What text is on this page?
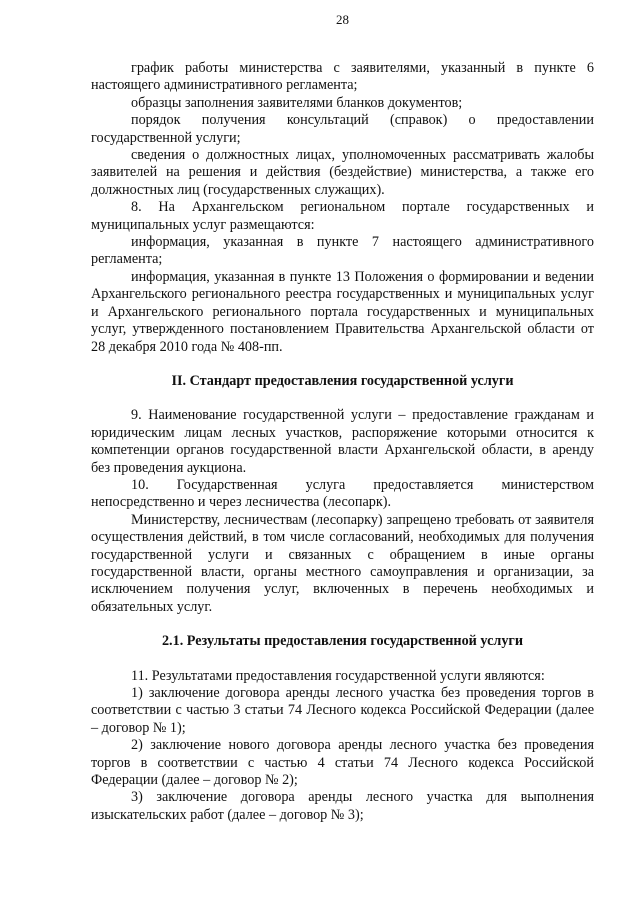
28

график работы министерства с заявителями, указанный в пункте 6 настоящего административного регламента;

образцы заполнения заявителями бланков документов;

порядок получения консультаций (справок) о предоставлении государственной услуги;

сведения о должностных лицах, уполномоченных рассматривать жалобы заявителей на решения и действия (бездействие) министерства, а также его должностных лиц (государственных служащих).

8. На Архангельском региональном портале государственных и муниципальных услуг размещаются:

информация, указанная в пункте 7 настоящего административного регламента;

информация, указанная в пункте 13 Положения о формировании и ведении Архангельского регионального реестра государственных и муниципальных услуг и Архангельского регионального портала государственных и муниципальных услуг, утвержденного постановлением Правительства Архангельской области от 28 декабря 2010 года № 408-пп.

II. Стандарт предоставления государственной услуги

9. Наименование государственной услуги – предоставление гражданам и юридическим лицам лесных участков, распоряжение которыми относится к компетенции органов государственной власти Архангельской области, в аренду без проведения аукциона.

10. Государственная услуга предоставляется министерством непосредственно и через лесничества (лесопарк).

Министерству, лесничествам (лесопарку) запрещено требовать от заявителя осуществления действий, в том числе согласований, необходимых для получения государственной услуги и связанных с обращением в иные органы государственной власти, органы местного самоуправления и организации, за исключением получения услуг, включенных в перечень необходимых и обязательных услуг.

2.1. Результаты предоставления государственной услуги

11. Результатами предоставления государственной услуги являются:

1) заключение договора аренды лесного участка без проведения торгов в соответствии с частью 3 статьи 74 Лесного кодекса Российской Федерации (далее – договор № 1);

2) заключение нового договора аренды лесного участка без проведения торгов в соответствии с частью 4 статьи 74 Лесного кодекса Российской Федерации (далее – договор № 2);

3) заключение договора аренды лесного участка для выполнения изыскательских работ (далее – договор № 3);
